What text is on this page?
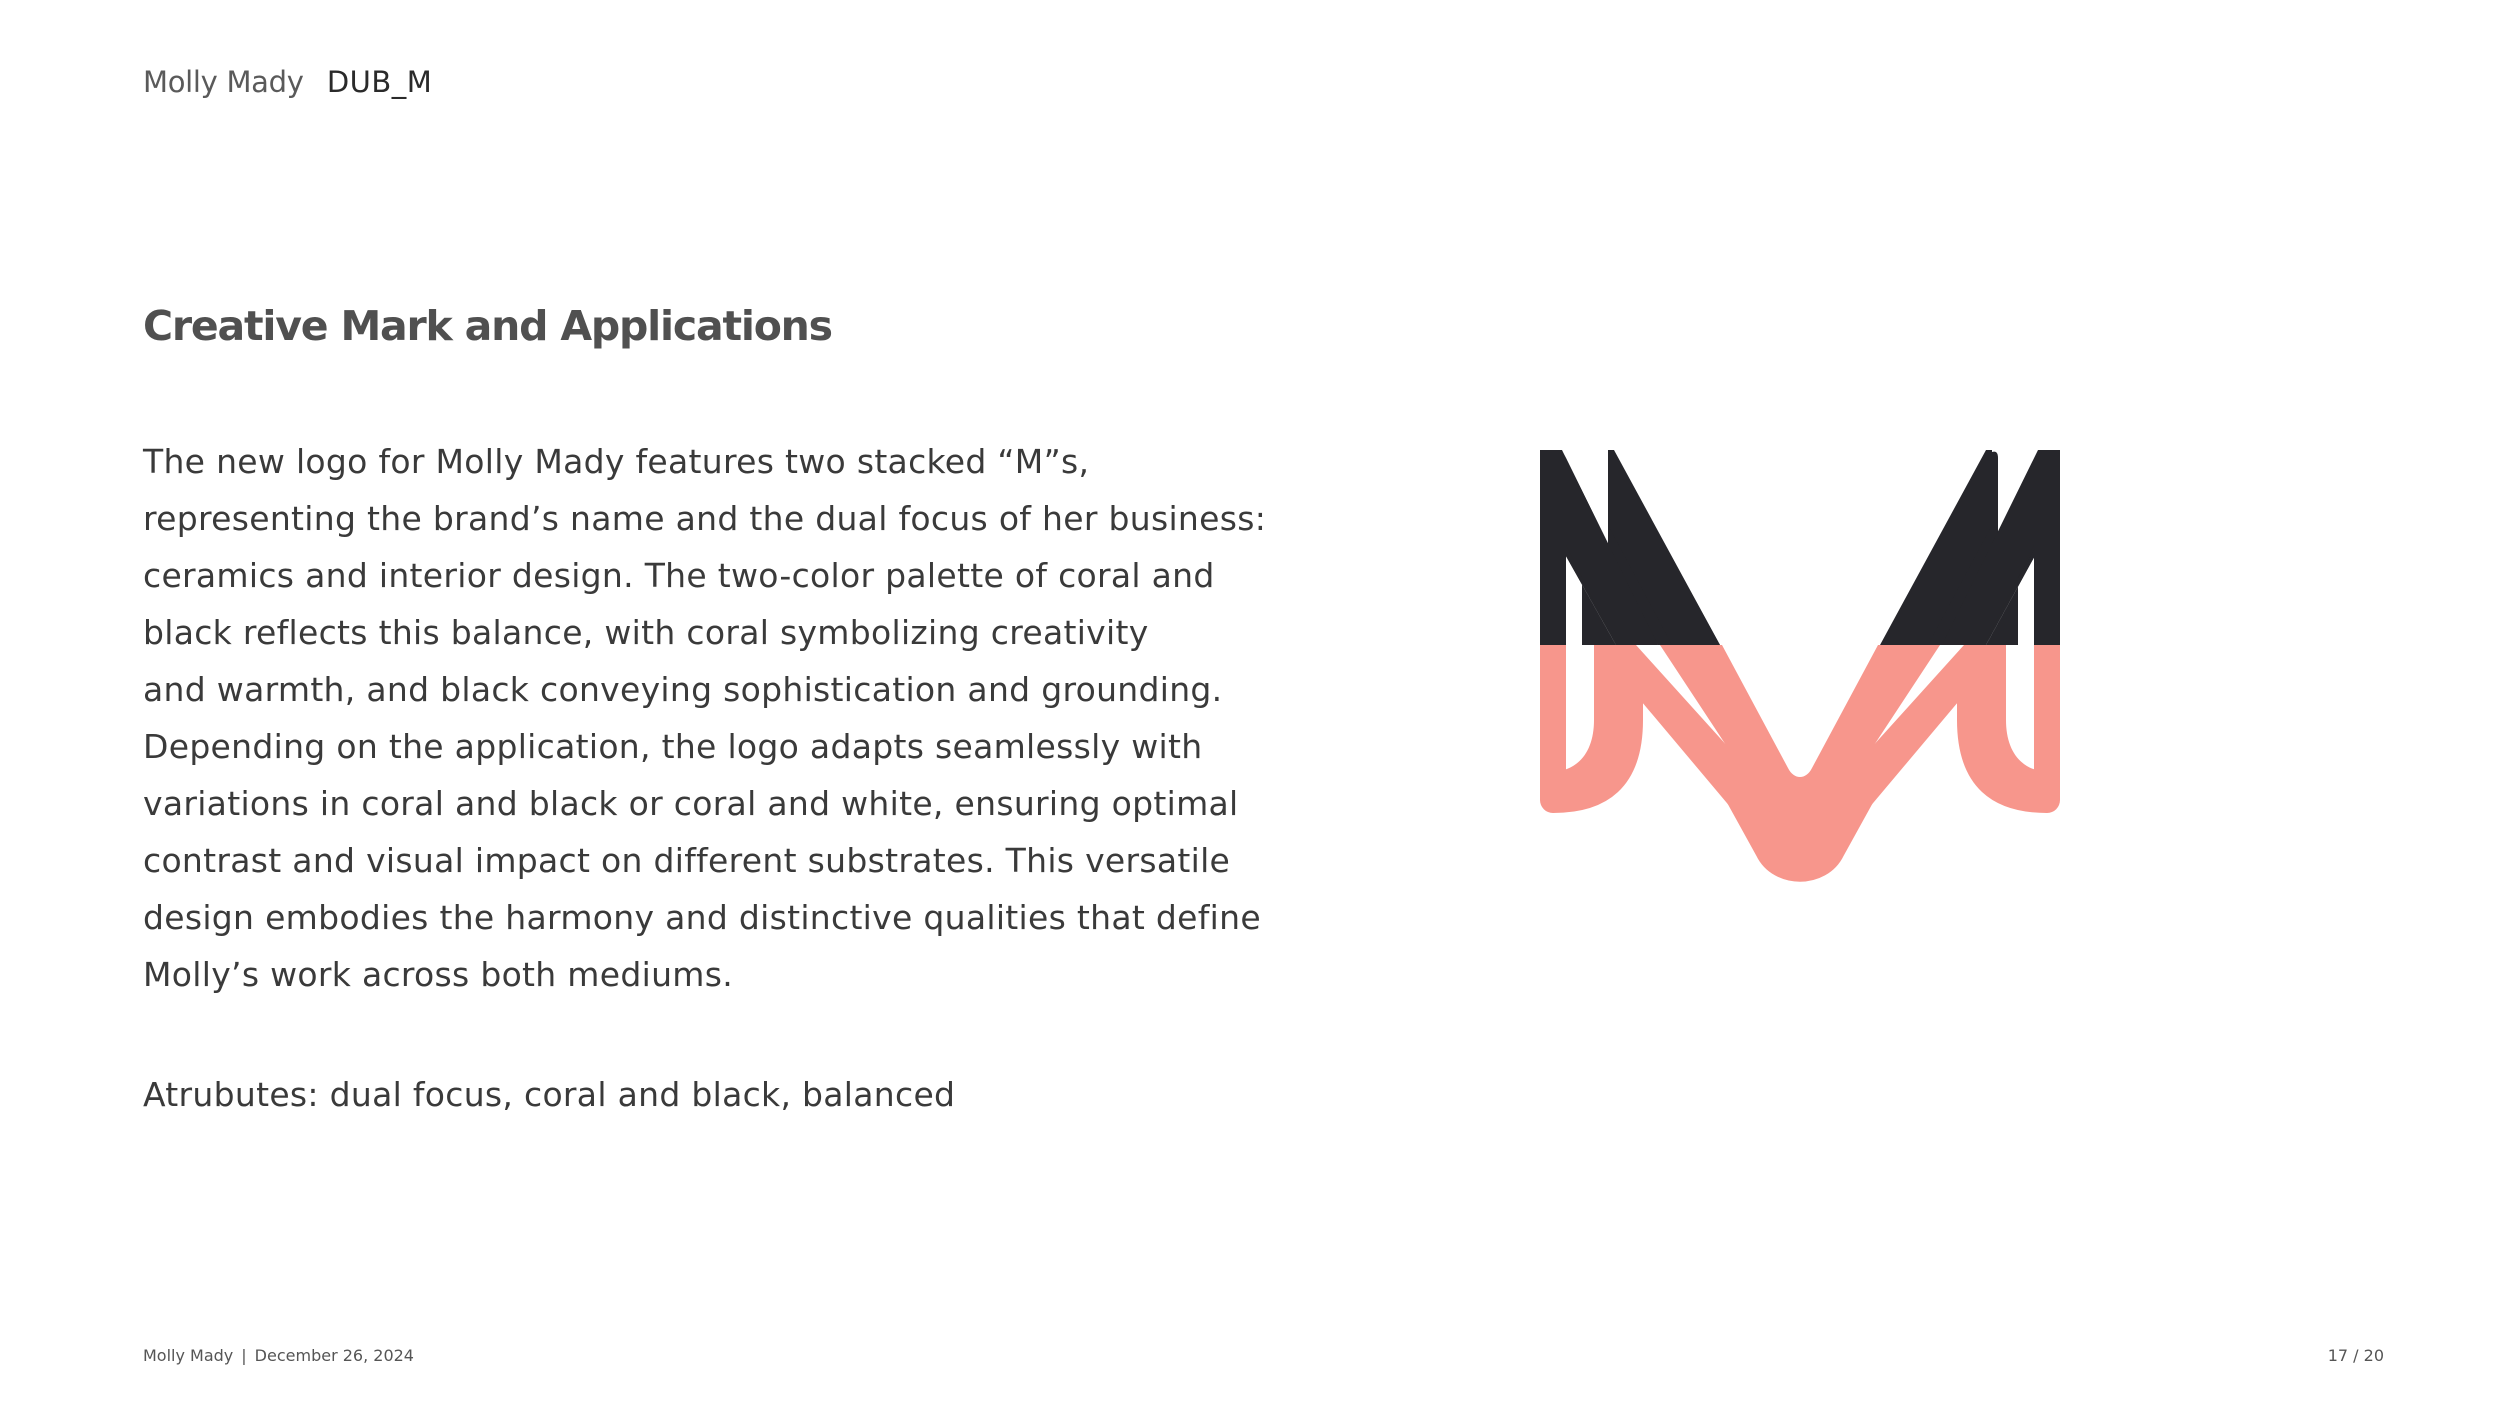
Molly Mady DUB_M
Creative Mark and Applications
The new logo for Molly Mady features two stacked “M”s,
representing the brand’s name and the dual focus of her business:
ceramics and interior design. The two-color palette of coral and
black reflects this balance, with coral symbolizing creativity
and warmth, and black conveying sophistication and grounding.
Depending on the application, the logo adapts seamlessly with
variations in coral and black or coral and white, ensuring optimal
contrast and visual impact on different substrates. This versatile
design embodies the harmony and distinctive qualities that define
Molly’s work across both mediums.
Atrubutes: dual focus, coral and black, balanced
Molly Mady | December 26, 2024	17 / 20
